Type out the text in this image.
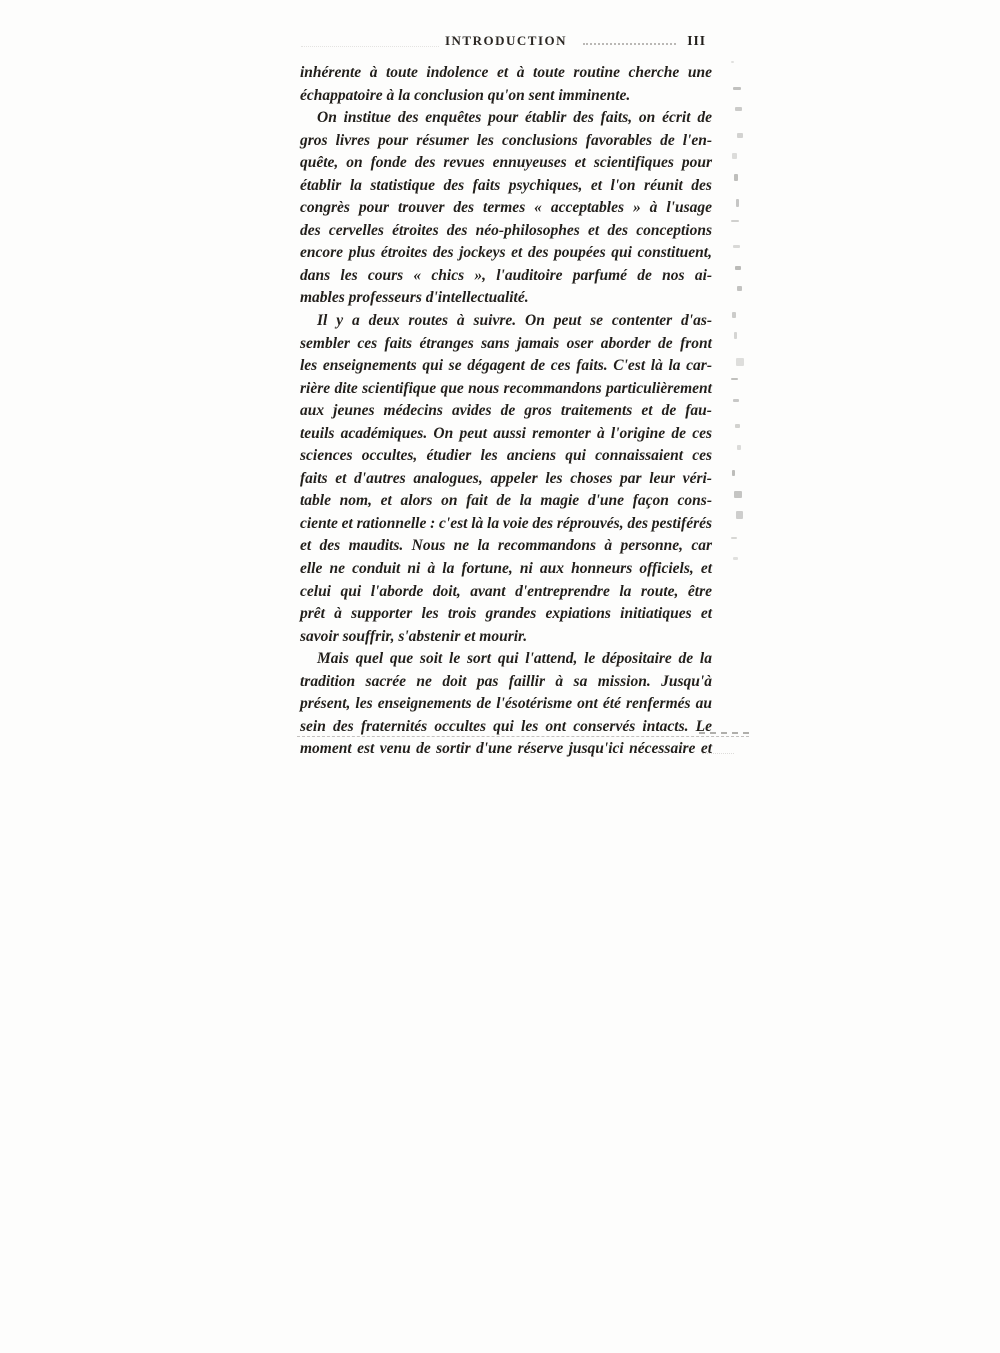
INTRODUCTION	III
inhérente à toute indolence et à toute routine cherche une
échappatoire à la conclusion qu'on sent imminente.
On institue des enquêtes pour établir des faits, on écrit de
gros livres pour résumer les conclusions favorables de l'en-
quête, on fonde des revues ennuyeuses et scientifiques pour
établir la statistique des faits psychiques, et l'on réunit des
congrès pour trouver des termes « acceptables » à l'usage
des cervelles étroites des néo-philosophes et des conceptions
encore plus étroites des jockeys et des poupées qui constituent,
dans les cours « chics », l'auditoire parfumé de nos ai-
mables professeurs d'intellectualité.
Il y a deux routes à suivre. On peut se contenter d'as-
sembler ces faits étranges sans jamais oser aborder de front
les enseignements qui se dégagent de ces faits. C'est là la car-
rière dite scientifique que nous recommandons particulièrement
aux jeunes médecins avides de gros traitements et de fau-
teuils académiques. On peut aussi remonter à l'origine de ces
sciences occultes, étudier les anciens qui connaissaient ces
faits et d'autres analogues, appeler les choses par leur véri-
table nom, et alors on fait de la magie d'une façon cons-
ciente et rationnelle : c'est là la voie des réprouvés, des pestiférés
et des maudits. Nous ne la recommandons à personne, car
elle ne conduit ni à la fortune, ni aux honneurs officiels, et
celui qui l'aborde doit, avant d'entreprendre la route, être
prêt à supporter les trois grandes expiations initiatiques et
savoir souffrir, s'abstenir et mourir.
Mais quel que soit le sort qui l'attend, le dépositaire de la
tradition sacrée ne doit pas faillir à sa mission. Jusqu'à
présent, les enseignements de l'ésotérisme ont été renfermés au
sein des fraternités occultes qui les ont conservés intacts. Le
moment est venu de sortir d'une réserve jusqu'ici nécessaire et
